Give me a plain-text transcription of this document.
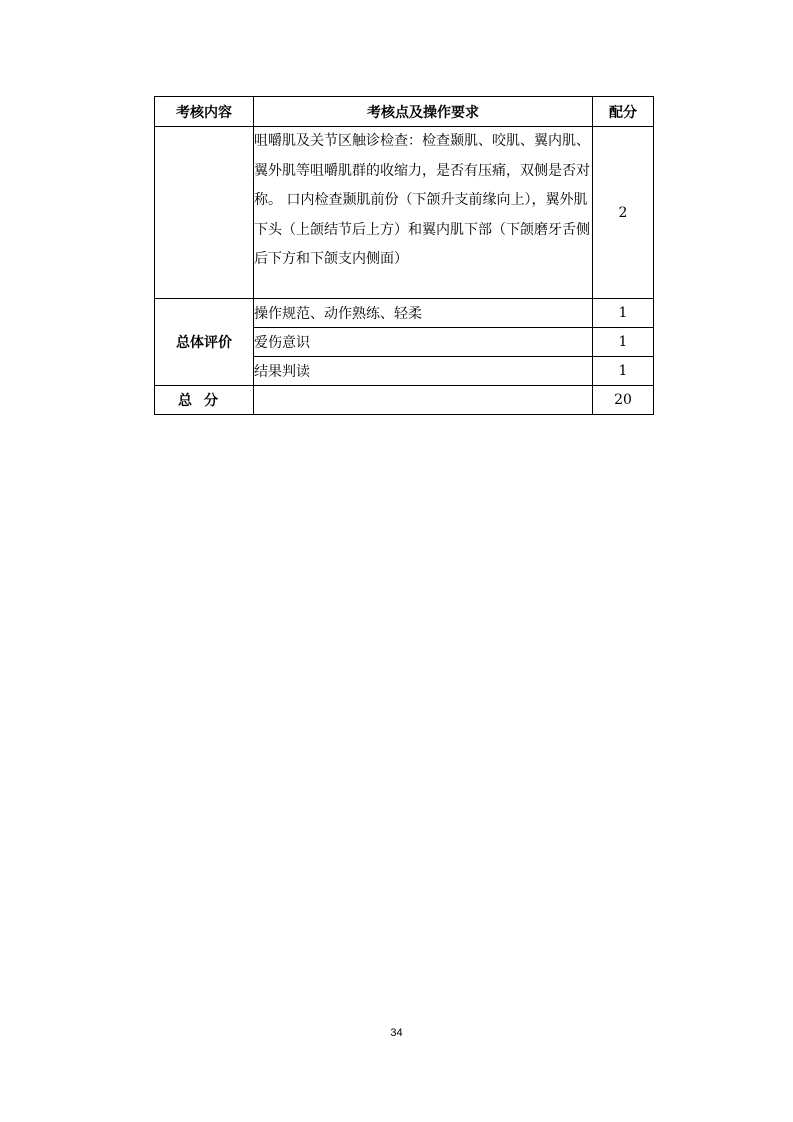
考核内容	考核点及操作要求	配分
	咀嚼肌及关节区触诊检查：检查颞肌、咬肌、翼内肌、翼外肌等咀嚼肌群的收缩力，是否有压痛，双侧是否对称。 口内检查颞肌前份（下颌升支前缘向上），翼外肌下头（上颌结节后上方）和翼内肌下部（下颌磨牙舌侧后下方和下颌支内侧面）	2
总体评价	操作规范、动作熟练、轻柔	1
	爱伤意识	1
	结果判读	1
总分		20
34
